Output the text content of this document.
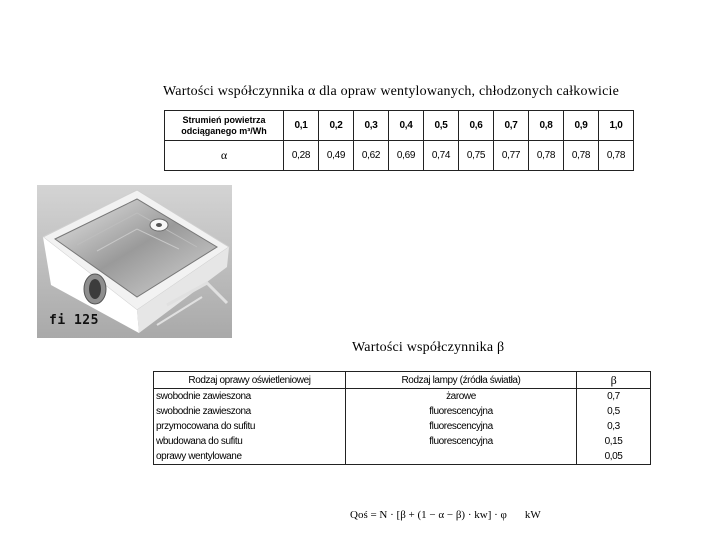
Wartości współczynnika α dla opraw wentylowanych, chłodzonych całkowicie
Strumień powietrza
odciąganego m³/Wh	0,1	0,2	0,3	0,4	0,5	0,6	0,7	0,8	0,9	1,0
α	0,28	0,49	0,62	0,69	0,74	0,75	0,77	0,78	0,78	0,78
fi 125
Wartości współczynnika β
Rodzaj oprawy oświetleniowej	Rodzaj lampy (źródła światła)	β
swobodnie zawieszona	żarowe	0,7
swobodnie zawieszona	fluorescencyjna	0,5
przymocowana do sufitu	fluorescencyjna	0,3
wbudowana do sufitu	fluorescencyjna	0,15
oprawy wentylowane		0,05
Qoś = N · [β + (1 − α − β) · kw] · φ kW
